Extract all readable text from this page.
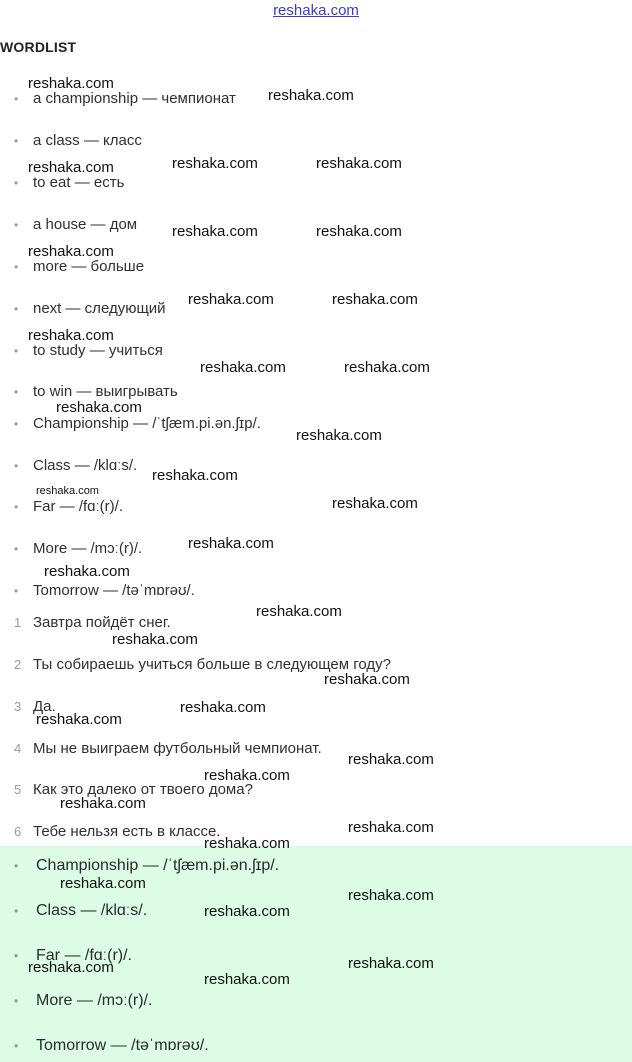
reshaka.com
WORDLIST
• a championship — чемпионат
• a class — класс
• to eat — есть
• a house — дом
• more — больше
• next — следующий
• to study — учиться
• to win — выигрывать
• Championship — /ˈtʃæm.pi.ən.ʃɪp/.
• Class — /klɑːs/.
• Far — /fɑː(r)/.
• More — /mɔː(r)/.
• Tomorrow — /təˈmɒrəʊ/.
1 Завтра пойдёт снег.
2 Ты собираешь учиться больше в следующем году?
3 Да.
4 Мы не выиграем футбольный чемпионат.
5 Как это далеко от твоего дома?
6 Тебе нельзя есть в классе.
• Championship — /ˈtʃæm.pi.ən.ʃɪp/.
• Class — /klɑːs/.
• Far — /fɑː(r)/.
• More — /mɔː(r)/.
• Tomorrow — /təˈmɒrəʊ/.
reshaka.com
reshaka.com
reshaka.com	reshaka.com	reshaka.com
reshaka.com	reshaka.com
reshaka.com
reshaka.com	reshaka.com
reshaka.com
reshaka.com	reshaka.com
reshaka.com
reshaka.com
reshaka.com
reshaka.com
reshaka.com
reshaka.com
reshaka.com
reshaka.com
reshaka.com
reshaka.com
reshaka.com
reshaka.com
reshaka.com
reshaka.com
reshaka.com
reshaka.com
reshaka.com
reshaka.com
reshaka.com
reshaka.com
reshaka.com
reshaka.com
reshaka.com
